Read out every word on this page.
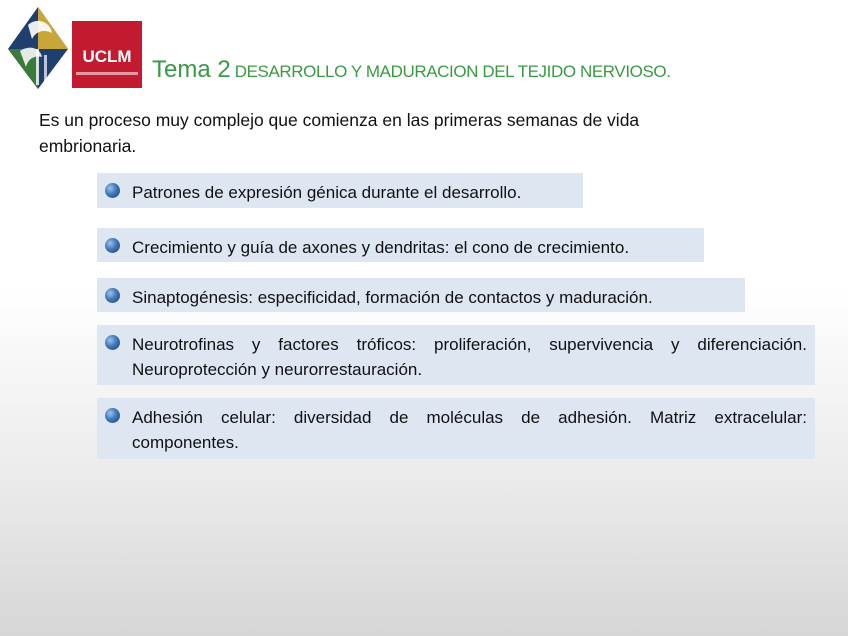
UCLM Tema 2 DESARROLLO Y MADURACION DEL TEJIDO NERVIOSO.
Es un proceso muy complejo que comienza en las primeras semanas de vida embrionaria.
Patrones de expresión génica durante el desarrollo.
Crecimiento y guía de axones y dendritas: el cono de crecimiento.
Sinaptogénesis: especificidad, formación de contactos y maduración.
Neurotrofinas y factores tróficos: proliferación, supervivencia y diferenciación. Neuroprotección y neurorrestauración.
Adhesión celular: diversidad de moléculas de adhesión. Matriz extracelular: componentes.
